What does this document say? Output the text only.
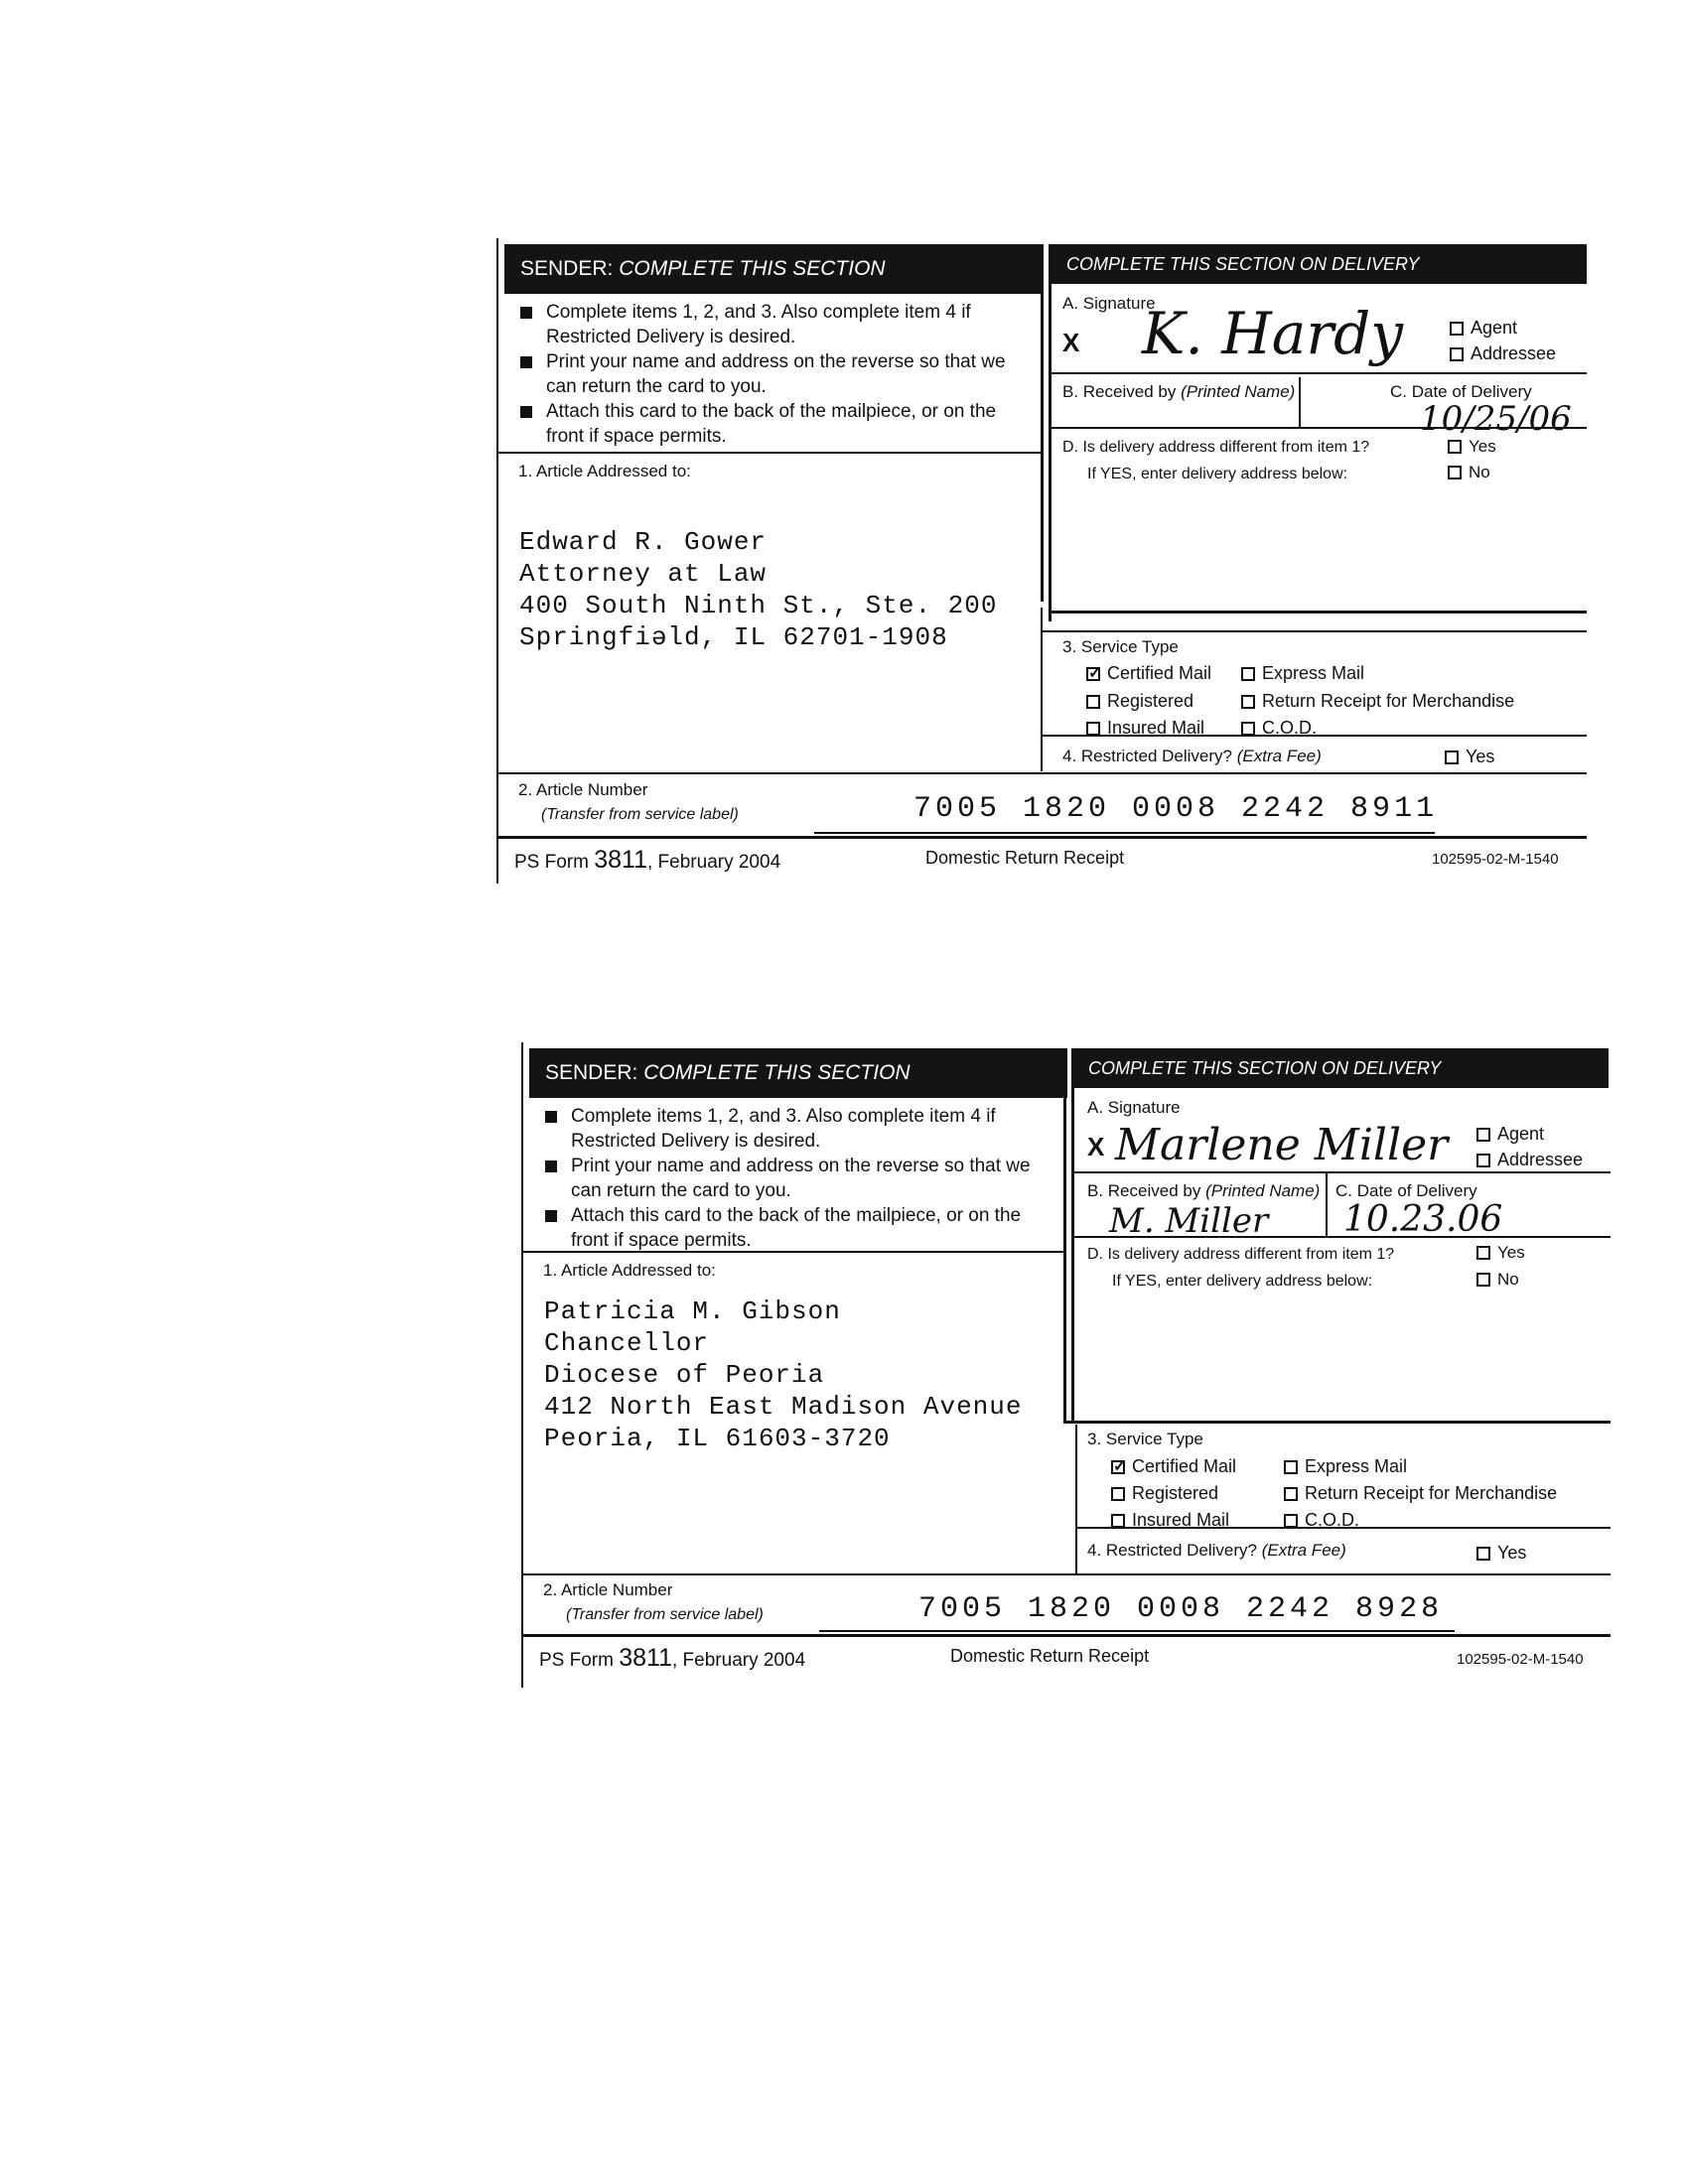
SENDER: COMPLETE THIS SECTION	COMPLETE THIS SECTION ON DELIVERY
Complete items 1, 2, and 3. Also complete item 4 if Restricted Delivery is desired.
Print your name and address on the reverse so that we can return the card to you.
Attach this card to the back of the mailpiece, or on the front if space permits.
1. Article Addressed to:
Edward R. Gower
Attorney at Law
400 South Ninth St., Ste. 200
Springfiəld, IL 62701-1908
A. Signature
X K. Hardy	Agent
Addressee
B. Received by (Printed Name)	C. Date of Delivery
10/25/06
D. Is delivery address different from item 1?
If YES, enter delivery address below:
Yes
No
3. Service Type
✓Certified Mail	Express Mail
Registered	Return Receipt for Merchandise
Insured Mail	C.O.D.
4. Restricted Delivery? (Extra Fee)	Yes
2. Article Number
(Transfer from service label)	7005 1820 0008 2242 8911
PS Form 3811, February 2004	Domestic Return Receipt	102595-02-M-1540
SENDER: COMPLETE THIS SECTION	COMPLETE THIS SECTION ON DELIVERY
Complete items 1, 2, and 3. Also complete item 4 if Restricted Delivery is desired.
Print your name and address on the reverse so that we can return the card to you.
Attach this card to the back of the mailpiece, or on the front if space permits.
1. Article Addressed to:
Patricia M. Gibson
Chancellor
Diocese of Peoria
412 North East Madison Avenue
Peoria, IL 61603-3720
A. Signature
X Marlene Miller	Agent
Addressee
B. Received by (Printed Name)
M. Miller
C. Date of Delivery
10.23.06
D. Is delivery address different from item 1?
If YES, enter delivery address below:
Yes
No
3. Service Type
✓Certified Mail	Express Mail
Registered	Return Receipt for Merchandise
Insured Mail	C.O.D.
4. Restricted Delivery? (Extra Fee)	Yes
2. Article Number
(Transfer from service label)	7005 1820 0008 2242 8928
PS Form 3811, February 2004	Domestic Return Receipt	102595-02-M-1540
